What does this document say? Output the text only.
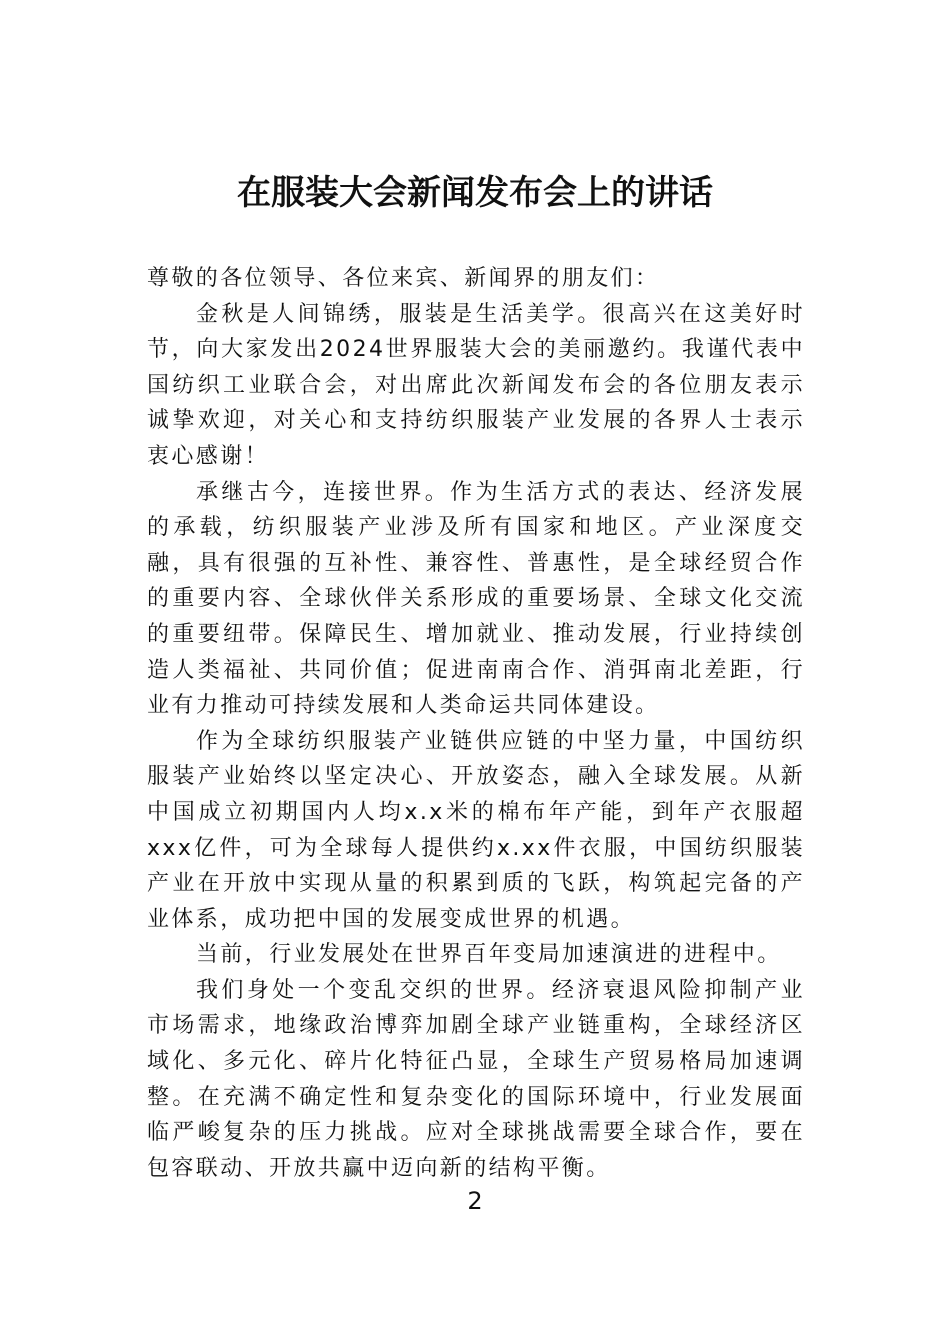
在服装大会新闻发布会上的讲话

尊敬的各位领导、各位来宾、新闻界的朋友们：

金秋是人间锦绣，服装是生活美学。很高兴在这美好时节，向大家发出2024世界服装大会的美丽邀约。我谨代表中国纺织工业联合会，对出席此次新闻发布会的各位朋友表示诚挚欢迎，对关心和支持纺织服装产业发展的各界人士表示衷心感谢！

承继古今，连接世界。作为生活方式的表达、经济发展的承载，纺织服装产业涉及所有国家和地区。产业深度交融，具有很强的互补性、兼容性、普惠性，是全球经贸合作的重要内容、全球伙伴关系形成的重要场景、全球文化交流的重要纽带。保障民生、增加就业、推动发展，行业持续创造人类福祉、共同价值；促进南南合作、消弭南北差距，行业有力推动可持续发展和人类命运共同体建设。

作为全球纺织服装产业链供应链的中坚力量，中国纺织服装产业始终以坚定决心、开放姿态，融入全球发展。从新中国成立初期国内人均x.x米的棉布年产能，到年产衣服超xxx亿件，可为全球每人提供约x.xx件衣服，中国纺织服装产业在开放中实现从量的积累到质的飞跃，构筑起完备的产业体系，成功把中国的发展变成世界的机遇。

当前，行业发展处在世界百年变局加速演进的进程中。

我们身处一个变乱交织的世界。经济衰退风险抑制产业市场需求，地缘政治博弈加剧全球产业链重构，全球经济区域化、多元化、碎片化特征凸显，全球生产贸易格局加速调整。在充满不确定性和复杂变化的国际环境中，行业发展面临严峻复杂的压力挑战。应对全球挑战需要全球合作，要在包容联动、开放共赢中迈向新的结构平衡。

2
